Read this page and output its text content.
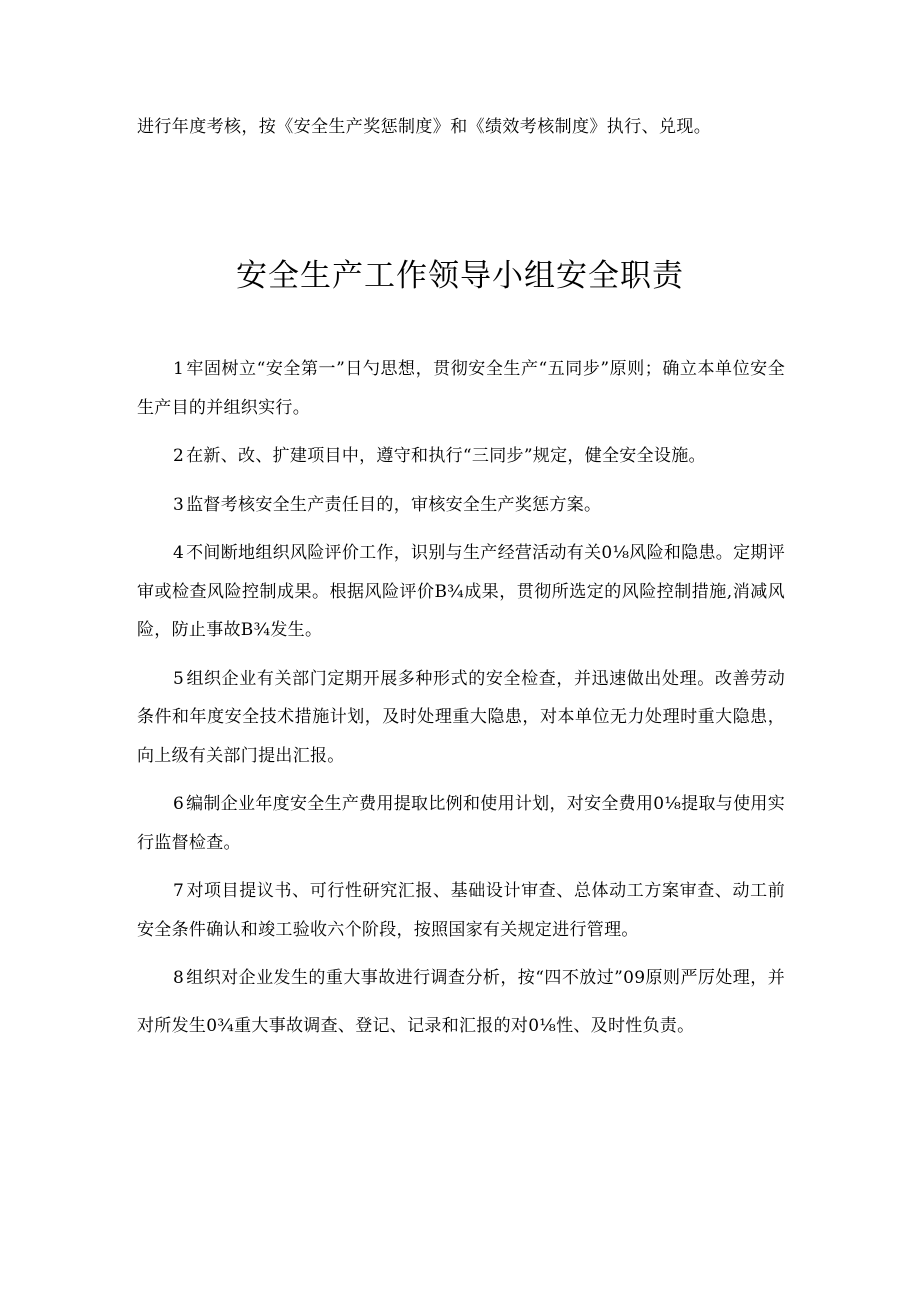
进行年度考核，按《安全生产奖惩制度》和《绩效考核制度》执行、兑现。
安全生产工作领导小组安全职责

1 牢固树立“安全第一”日勺思想，贯彻安全生产“五同步”原则；确立本单位安全生产目的并组织实行。

2 在新、改、扩建项目中，遵守和执行“三同步”规定，健全安全设施。

3 监督考核安全生产责任目的，审核安全生产奖惩方案。

4 不间断地组织风险评价工作，识别与生产经营活动有关0⅛风险和隐患。定期评审或检查风险控制成果。根据风险评价B¾成果，贯彻所选定的风险控制措施,消减风险，防止事故B¾发生。

5 组织企业有关部门定期开展多种形式的安全检查，并迅速做出处理。改善劳动条件和年度安全技术措施计划，及时处理重大隐患，对本单位无力处理时重大隐患，向上级有关部门提出汇报。

6 编制企业年度安全生产费用提取比例和使用计划，对安全费用0⅛提取与使用实行监督检查。

7 对项目提议书、可行性研究汇报、基础设计审查、总体动工方案审查、动工前安全条件确认和竣工验收六个阶段，按照国家有关规定进行管理。

8 组织对企业发生的重大事故进行调查分析，按“四不放过”09原则严厉处理，并对所发生0¾重大事故调查、登记、记录和汇报的对0⅛性、及时性负责。
